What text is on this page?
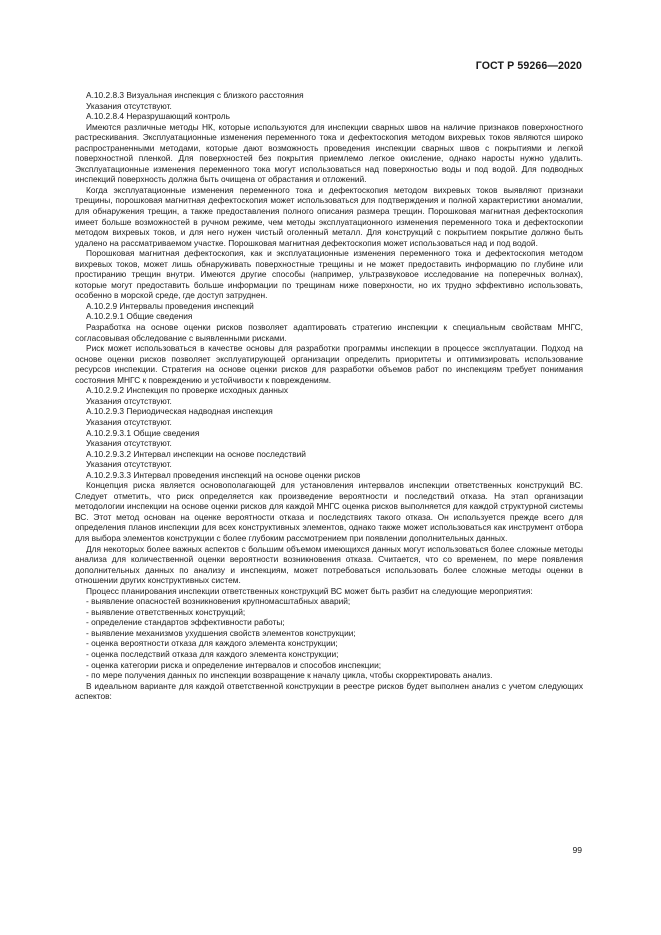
ГОСТ Р 59266—2020

А.10.2.8.3 Визуальная инспекция с близкого расстояния

Указания отсутствуют.

А.10.2.8.4 Неразрушающий контроль

Имеются различные методы НК, которые используются для инспекции сварных швов на наличие признаков поверхностного растрескивания. Эксплуатационные изменения переменного тока и дефектоскопия методом вихревых токов являются широко распространенными методами, которые дают возможность проведения инспекции сварных швов с покрытиями и легкой поверхностной пленкой. Для поверхностей без покрытия приемлемо легкое окисление, однако наросты нужно удалить. Эксплуатационные изменения переменного тока могут использоваться над поверхностью воды и под водой. Для подводных инспекций поверхность должна быть очищена от обрастания и отложений.

Когда эксплуатационные изменения переменного тока и дефектоскопия методом вихревых токов выявляют признаки трещины, порошковая магнитная дефектоскопия может использоваться для подтверждения и полной характеристики аномалии, для обнаружения трещин, а также предоставления полного описания размера трещин. Порошковая магнитная дефектоскопия имеет больше возможностей в ручном режиме, чем методы эксплуатационного изменения переменного тока и дефектоскопии методом вихревых токов, и для него нужен чистый оголенный металл. Для конструкций с покрытием покрытие должно быть удалено на рассматриваемом участке. Порошковая магнитная дефектоскопия может использоваться над и под водой.

Порошковая магнитная дефектоскопия, как и эксплуатационные изменения переменного тока и дефектоскопия методом вихревых токов, может лишь обнаруживать поверхностные трещины и не может предоставить информацию по глубине или простиранию трещин внутри. Имеются другие способы (например, ультразвуковое исследование на поперечных волнах), которые могут предоставить больше информации по трещинам ниже поверхности, но их трудно эффективно использовать, особенно в морской среде, где доступ затруднен.

А.10.2.9 Интервалы проведения инспекций

А.10.2.9.1 Общие сведения

Разработка на основе оценки рисков позволяет адаптировать стратегию инспекции к специальным свойствам МНГС, согласовывая обследование с выявленными рисками.

Риск может использоваться в качестве основы для разработки программы инспекции в процессе эксплуатации. Подход на основе оценки рисков позволяет эксплуатирующей организации определить приоритеты и оптимизировать использование ресурсов инспекции. Стратегия на основе оценки рисков для разработки объемов работ по инспекциям требует понимания состояния МНГС к повреждению и устойчивости к повреждениям.

А.10.2.9.2 Инспекция по проверке исходных данных

Указания отсутствуют.

А.10.2.9.3 Периодическая надводная инспекция

Указания отсутствуют.

А.10.2.9.3.1 Общие сведения

Указания отсутствуют.

А.10.2.9.3.2 Интервал инспекции на основе последствий

Указания отсутствуют.

А.10.2.9.3.3 Интервал проведения инспекций на основе оценки рисков

Концепция риска является основополагающей для установления интервалов инспекции ответственных конструкций ВС. Следует отметить, что риск определяется как произведение вероятности и последствий отказа. На этап организации методологии инспекции на основе оценки рисков для каждой МНГС оценка рисков выполняется для каждой структурной системы ВС. Этот метод основан на оценке вероятности отказа и последствиях такого отказа. Он используется прежде всего для определения планов инспекции для всех конструктивных элементов, однако также может использоваться как инструмент отбора для выбора элементов конструкции с более глубоким рассмотрением при появлении дополнительных данных.

Для некоторых более важных аспектов с большим объемом имеющихся данных могут использоваться более сложные методы анализа для количественной оценки вероятности возникновения отказа. Считается, что со временем, по мере появления дополнительных данных по анализу и инспекциям, может потребоваться использовать более сложные методы оценки в отношении других конструктивных систем.

Процесс планирования инспекции ответственных конструкций ВС может быть разбит на следующие мероприятия:

- выявление опасностей возникновения крупномасштабных аварий;
- выявление ответственных конструкций;
- определение стандартов эффективности работы;
- выявление механизмов ухудшения свойств элементов конструкции;
- оценка вероятности отказа для каждого элемента конструкции;
- оценка последствий отказа для каждого элемента конструкции;
- оценка категории риска и определение интервалов и способов инспекции;
- по мере получения данных по инспекции возвращение к началу цикла, чтобы скорректировать анализ.

В идеальном варианте для каждой ответственной конструкции в реестре рисков будет выполнен анализ с учетом следующих аспектов:

99
